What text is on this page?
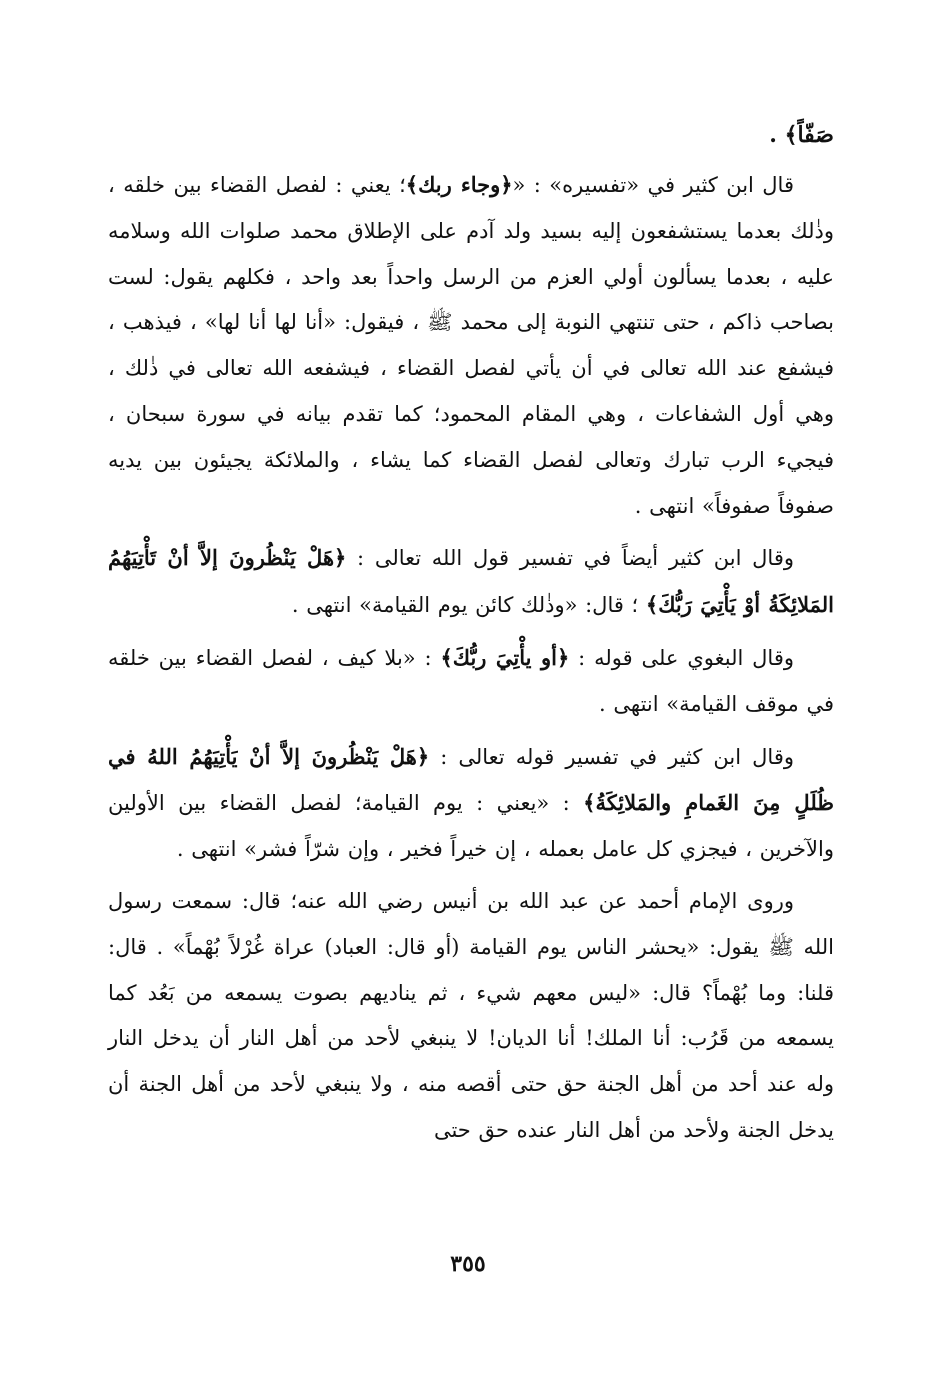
صَفّاً﴾ .

قال ابن كثير في «تفسيره» : «﴿وجاء ربك﴾؛ يعني : لفصل القضاء بين خلقه ، وذٰلك بعدما يستشفعون إليه بسيد ولد آدم على الإطلاق محمد صلوات الله وسلامه عليه ، بعدما يسألون أولي العزم من الرسل واحداً بعد واحد ، فكلهم يقول: لست بصاحب ذاكم ، حتى تنتهي النوبة إلى محمد ﷺ ، فيقول: «أنا لها أنا لها» ، فيذهب ، فيشفع عند الله تعالى في أن يأتي لفصل القضاء ، فيشفعه الله تعالى في ذٰلك ، وهي أول الشفاعات ، وهي المقام المحمود؛ كما تقدم بيانه في سورة سبحان ، فيجيء الرب تبارك وتعالى لفصل القضاء كما يشاء ، والملائكة يجيئون بين يديه صفوفاً صفوفاً» انتهى .

وقال ابن كثير أيضاً في تفسير قول الله تعالى : ﴿هَلْ يَنْظُرونَ إلاَّ أنْ تَأْتِيَهُمُ المَلائِكَةُ أوْ يَأْتِيَ رَبُّكَ﴾ ؛ قال: «وذٰلك كائن يوم القيامة» انتهى .

وقال البغوي على قوله : ﴿أو يأْتِيَ ربُّكَ﴾ : «بلا كيف ، لفصل القضاء بين خلقه في موقف القيامة» انتهى .

وقال ابن كثير في تفسير قوله تعالى : ﴿هَلْ يَنْظُرونَ إلاَّ أنْ يَأْتِيَهُمُ اللهُ في ظُلَلٍ مِنَ الغَمامِ والمَلائِكَةُ﴾ : «يعني : يوم القيامة؛ لفصل القضاء بين الأولين والآخرين ، فيجزي كل عامل بعمله ، إن خيراً فخير ، وإن شرّاً فشر» انتهى .

وروى الإمام أحمد عن عبد الله بن أنيس رضي الله عنه؛ قال: سمعت رسول الله ﷺ يقول: «يحشر الناس يوم القيامة (أو قال: العباد) عراة غُرْلاً بُهْماً» . قال: قلنا: وما بُهْماً؟ قال: «ليس معهم شيء ، ثم يناديهم بصوت يسمعه من بَعُد كما يسمعه من قَرُب: أنا الملك! أنا الديان! لا ينبغي لأحد من أهل النار أن يدخل النار وله عند أحد من أهل الجنة حق حتى أقصه منه ، ولا ينبغي لأحد من أهل الجنة أن يدخل الجنة ولأحد من أهل النار عنده حق حتى

٣٥٥
